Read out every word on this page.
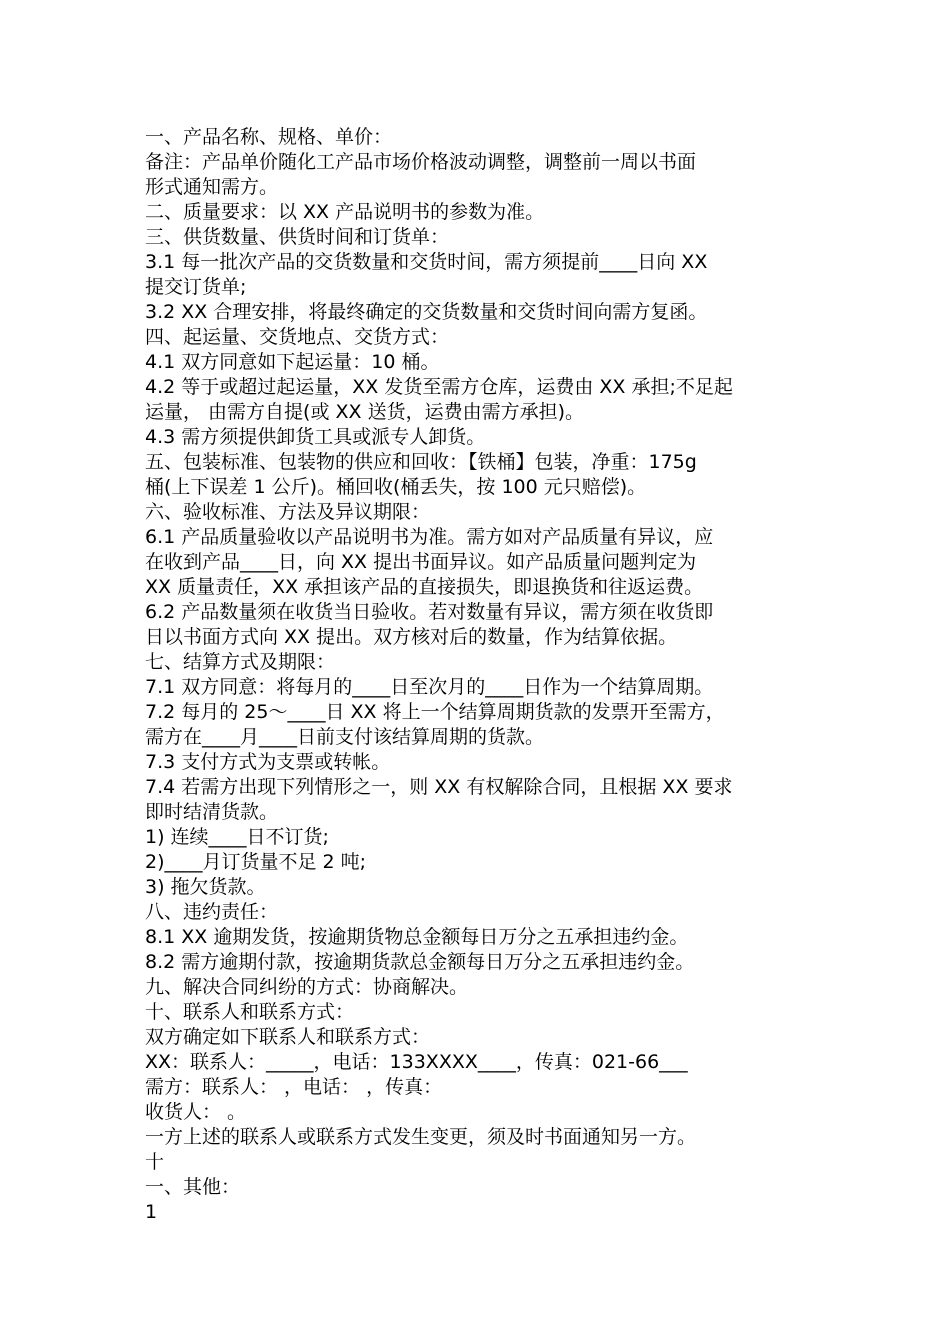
一、产品名称、规格、单价：
备注：产品单价随化工产品市场价格波动调整，调整前一周以书面
形式通知需方。
二、质量要求：以 XX 产品说明书的参数为准。
三、供货数量、供货时间和订货单：
3.1 每一批次产品的交货数量和交货时间，需方须提前____日向 XX
提交订货单;
3.2 XX 合理安排，将最终确定的交货数量和交货时间向需方复函。
四、起运量、交货地点、交货方式：
4.1 双方同意如下起运量：10 桶。
4.2 等于或超过起运量，XX 发货至需方仓库，运费由 XX 承担;不足起
运量， 由需方自提(或 XX 送货，运费由需方承担)。
4.3 需方须提供卸货工具或派专人卸货。
五、包装标准、包装物的供应和回收：【铁桶】包装，净重：175g
桶(上下误差 1 公斤)。桶回收(桶丢失，按 100 元只赔偿)。
六、验收标准、方法及异议期限：
6.1 产品质量验收以产品说明书为准。需方如对产品质量有异议，应
在收到产品____日，向 XX 提出书面异议。如产品质量问题判定为
XX 质量责任，XX 承担该产品的直接损失，即退换货和往返运费。
6.2 产品数量须在收货当日验收。若对数量有异议，需方须在收货即
日以书面方式向 XX 提出。双方核对后的数量，作为结算依据。
七、结算方式及期限：
7.1 双方同意：将每月的____日至次月的____日作为一个结算周期。
7.2 每月的 25～____日 XX 将上一个结算周期货款的发票开至需方，
需方在____月____日前支付该结算周期的货款。
7.3 支付方式为支票或转帐。
7.4 若需方出现下列情形之一，则 XX 有权解除合同，且根据 XX 要求
即时结清货款。
1) 连续____日不订货;
2)____月订货量不足 2 吨;
3) 拖欠货款。
八、违约责任：
8.1 XX 逾期发货，按逾期货物总金额每日万分之五承担违约金。
8.2 需方逾期付款，按逾期货款总金额每日万分之五承担违约金。
九、解决合同纠纷的方式：协商解决。
十、联系人和联系方式：
双方确定如下联系人和联系方式：
XX：联系人：_____，电话：133XXXX____，传真：021-66___
需方：联系人： ，电话： ，传真：
收货人： 。
一方上述的联系人或联系方式发生变更，须及时书面通知另一方。
十
一、其他：
1
